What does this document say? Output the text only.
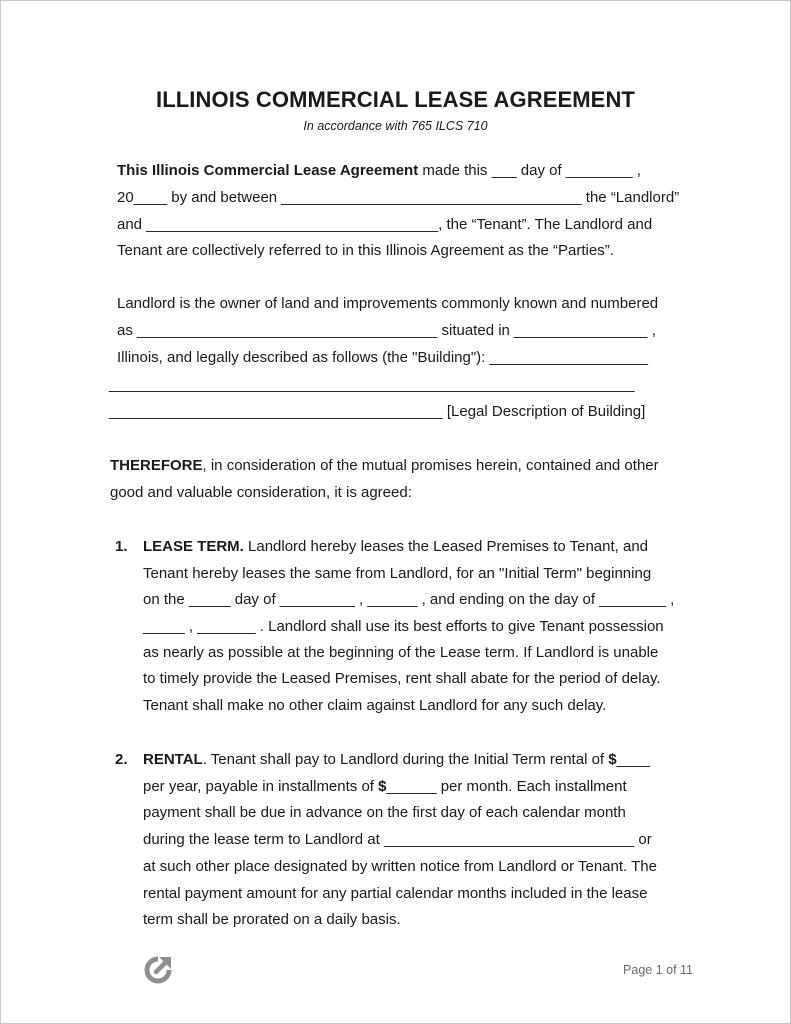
ILLINOIS COMMERCIAL LEASE AGREEMENT
In accordance with 765 ILCS 710
This Illinois Commercial Lease Agreement made this ___ day of ________ ,
20____ by and between ____________________________________ the “Landlord”
and ___________________________________, the “Tenant”. The Landlord and
Tenant are collectively referred to in this Illinois Agreement as the “Parties”.
Landlord is the owner of land and improvements commonly known and numbered
as ____________________________________ situated in ________________ ,
Illinois, and legally described as follows (the "Building"): ___________________
_______________________________________________________________
________________________________________ [Legal Description of Building]
THEREFORE, in consideration of the mutual promises herein, contained and other
good and valuable consideration, it is agreed:
1. LEASE TERM. Landlord hereby leases the Leased Premises to Tenant, and
Tenant hereby leases the same from Landlord, for an "Initial Term" beginning
on the _____ day of _________ , ______ , and ending on the day of ________ ,
_____ , _______ . Landlord shall use its best efforts to give Tenant possession
as nearly as possible at the beginning of the Lease term. If Landlord is unable
to timely provide the Leased Premises, rent shall abate for the period of delay.
Tenant shall make no other claim against Landlord for any such delay.
2. RENTAL. Tenant shall pay to Landlord during the Initial Term rental of $____
per year, payable in installments of $______ per month. Each installment
payment shall be due in advance on the first day of each calendar month
during the lease term to Landlord at ______________________________ or
at such other place designated by written notice from Landlord or Tenant. The
rental payment amount for any partial calendar months included in the lease
term shall be prorated on a daily basis.
Page 1 of 11
